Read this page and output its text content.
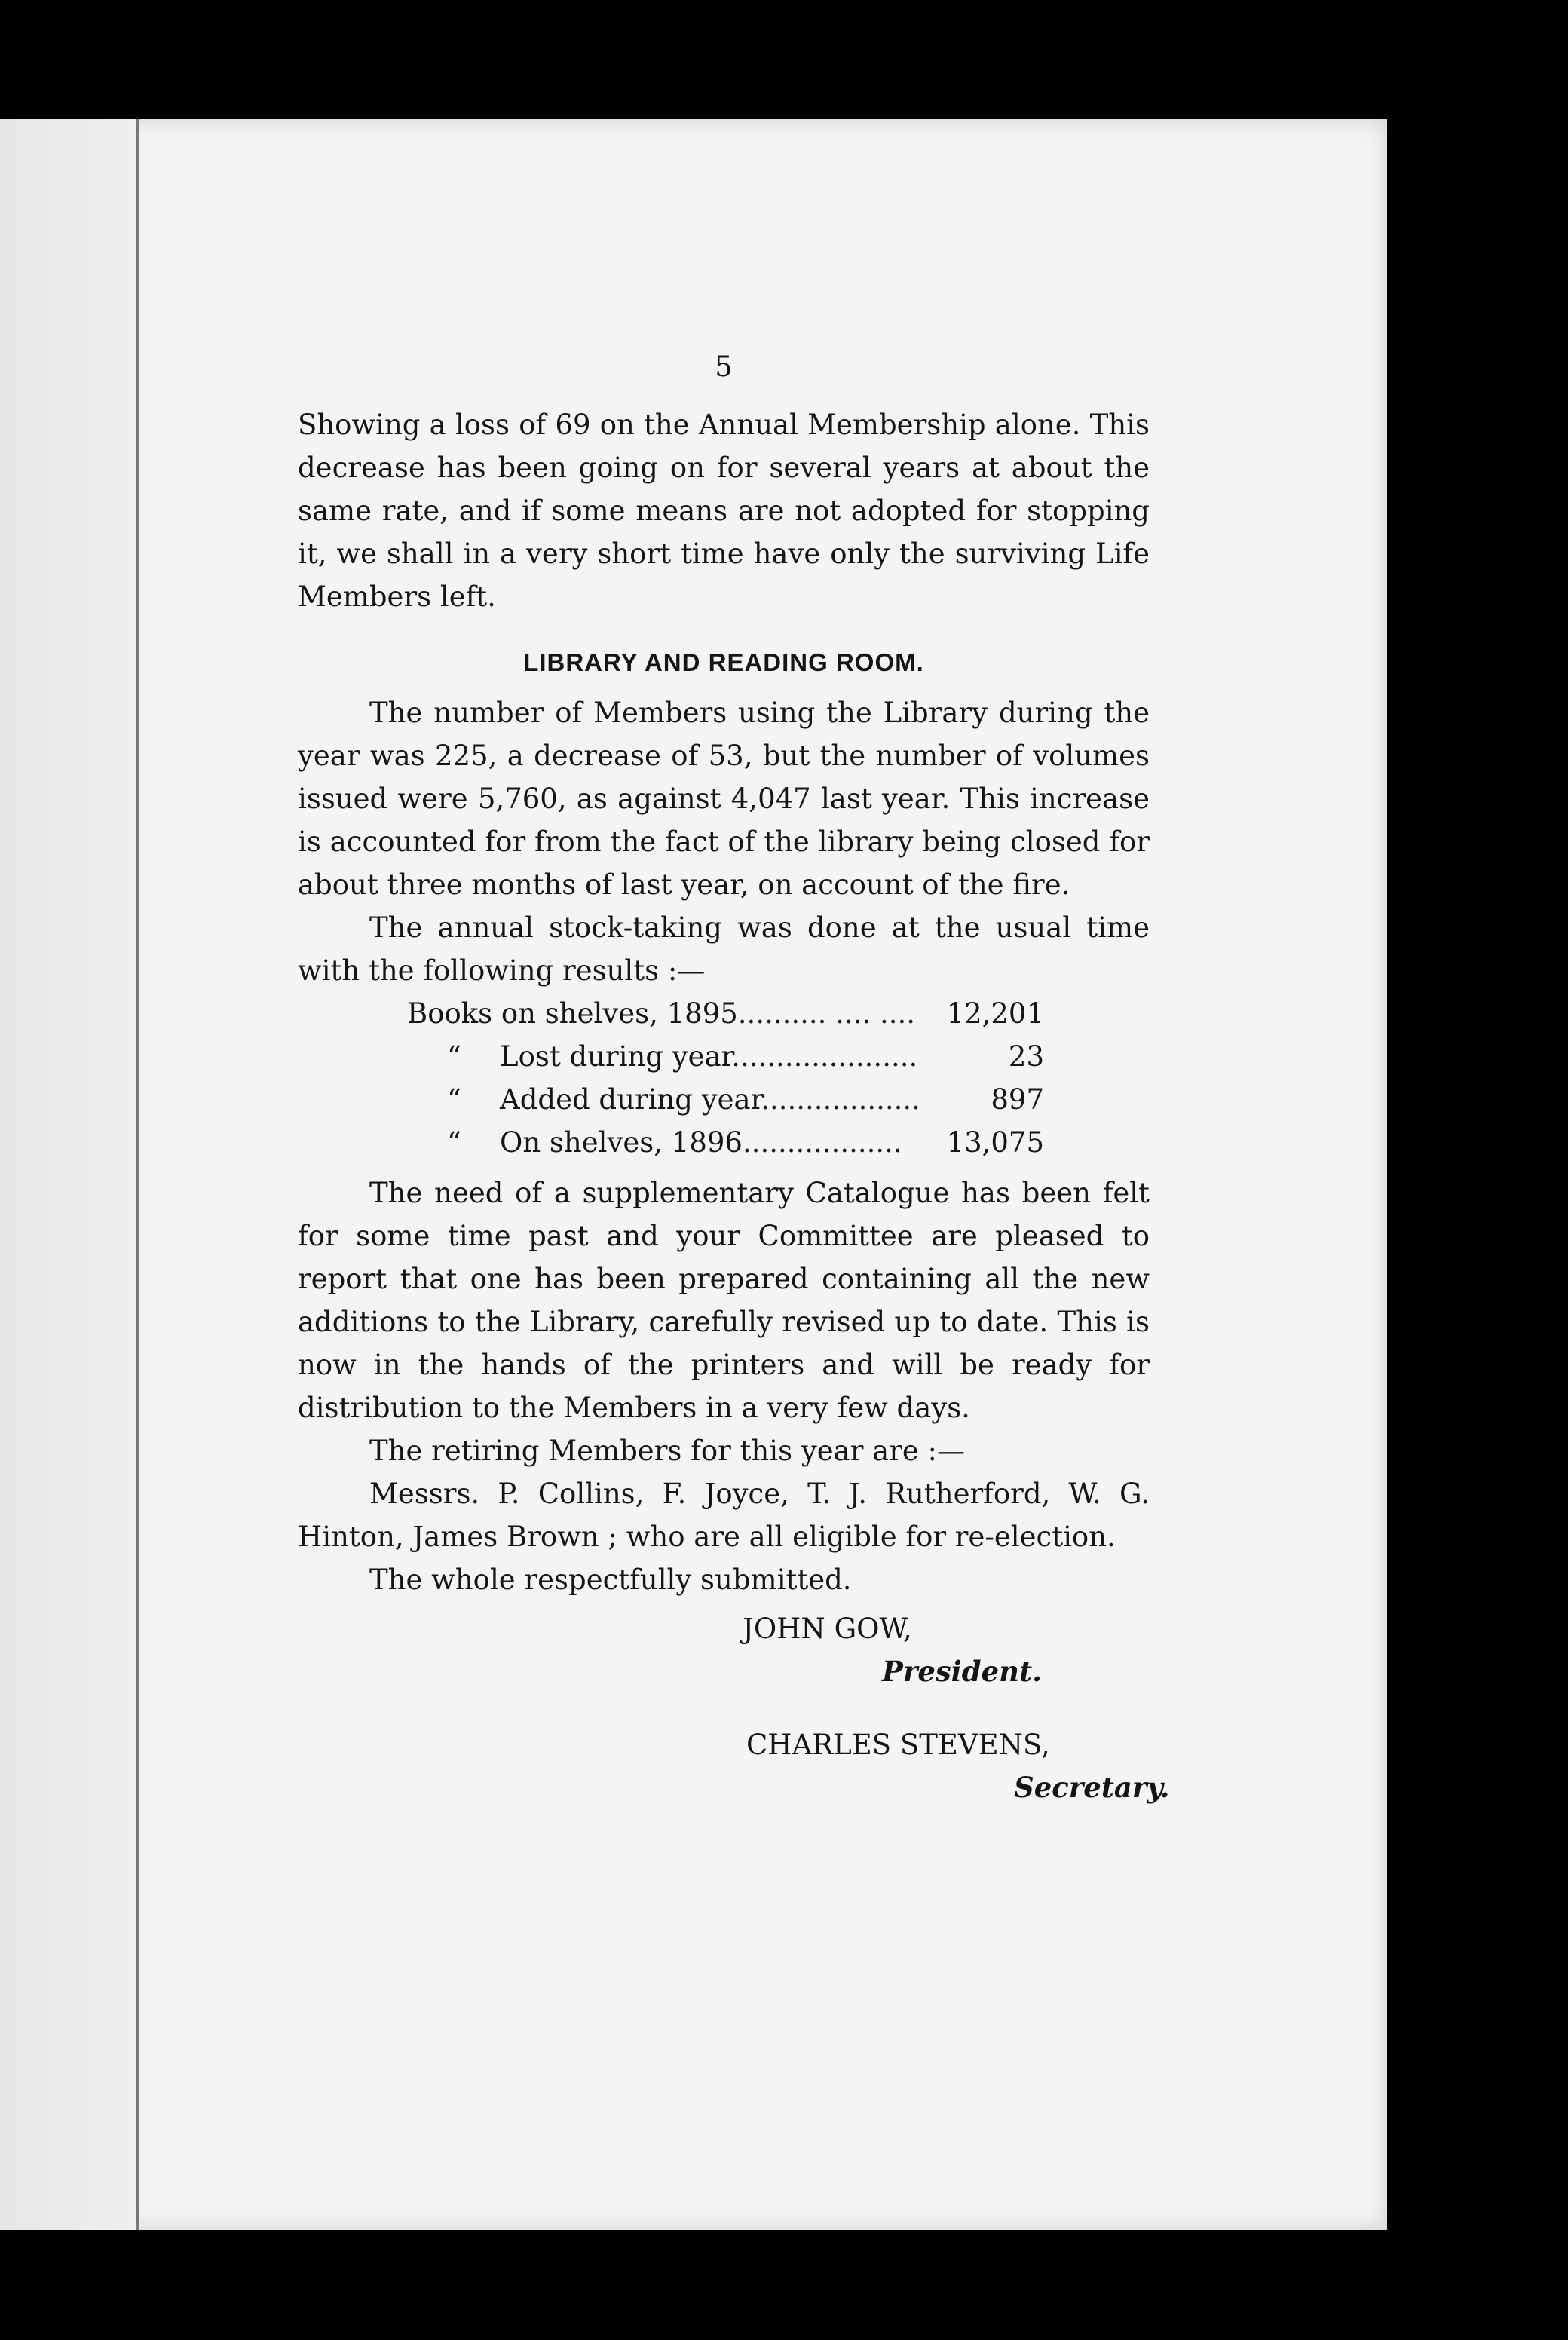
5
Showing a loss of 69 on the Annual Membership alone. This decrease has been going on for several years at about the same rate, and if some means are not adopted for stopping it, we shall in a very short time have only the surviving Life Members left.
LIBRARY AND READING ROOM.
The number of Members using the Library during the year was 225, a decrease of 53, but the number of volumes issued were 5,760, as against 4,047 last year. This increase is accounted for from the fact of the library being closed for about three months of last year, on account of the fire.
The annual stock-taking was done at the usual time with the following results :—
Books on shelves, 1895.......... .... .... 12,201
“ Lost during year.....................	23
“ Added during year..................	897
“ On shelves, 1896.................. 13,075
The need of a supplementary Catalogue has been felt for some time past and your Committee are pleased to report that one has been prepared containing all the new additions to the Library, carefully revised up to date. This is now in the hands of the printers and will be ready for distribution to the Members in a very few days.
The retiring Members for this year are :—
Messrs. P. Collins, F. Joyce, T. J. Rutherford, W. G. Hinton, James Brown ; who are all eligible for re-election.
The whole respectfully submitted.
JOHN GOW,
President.
CHARLES STEVENS,
Secretary.
